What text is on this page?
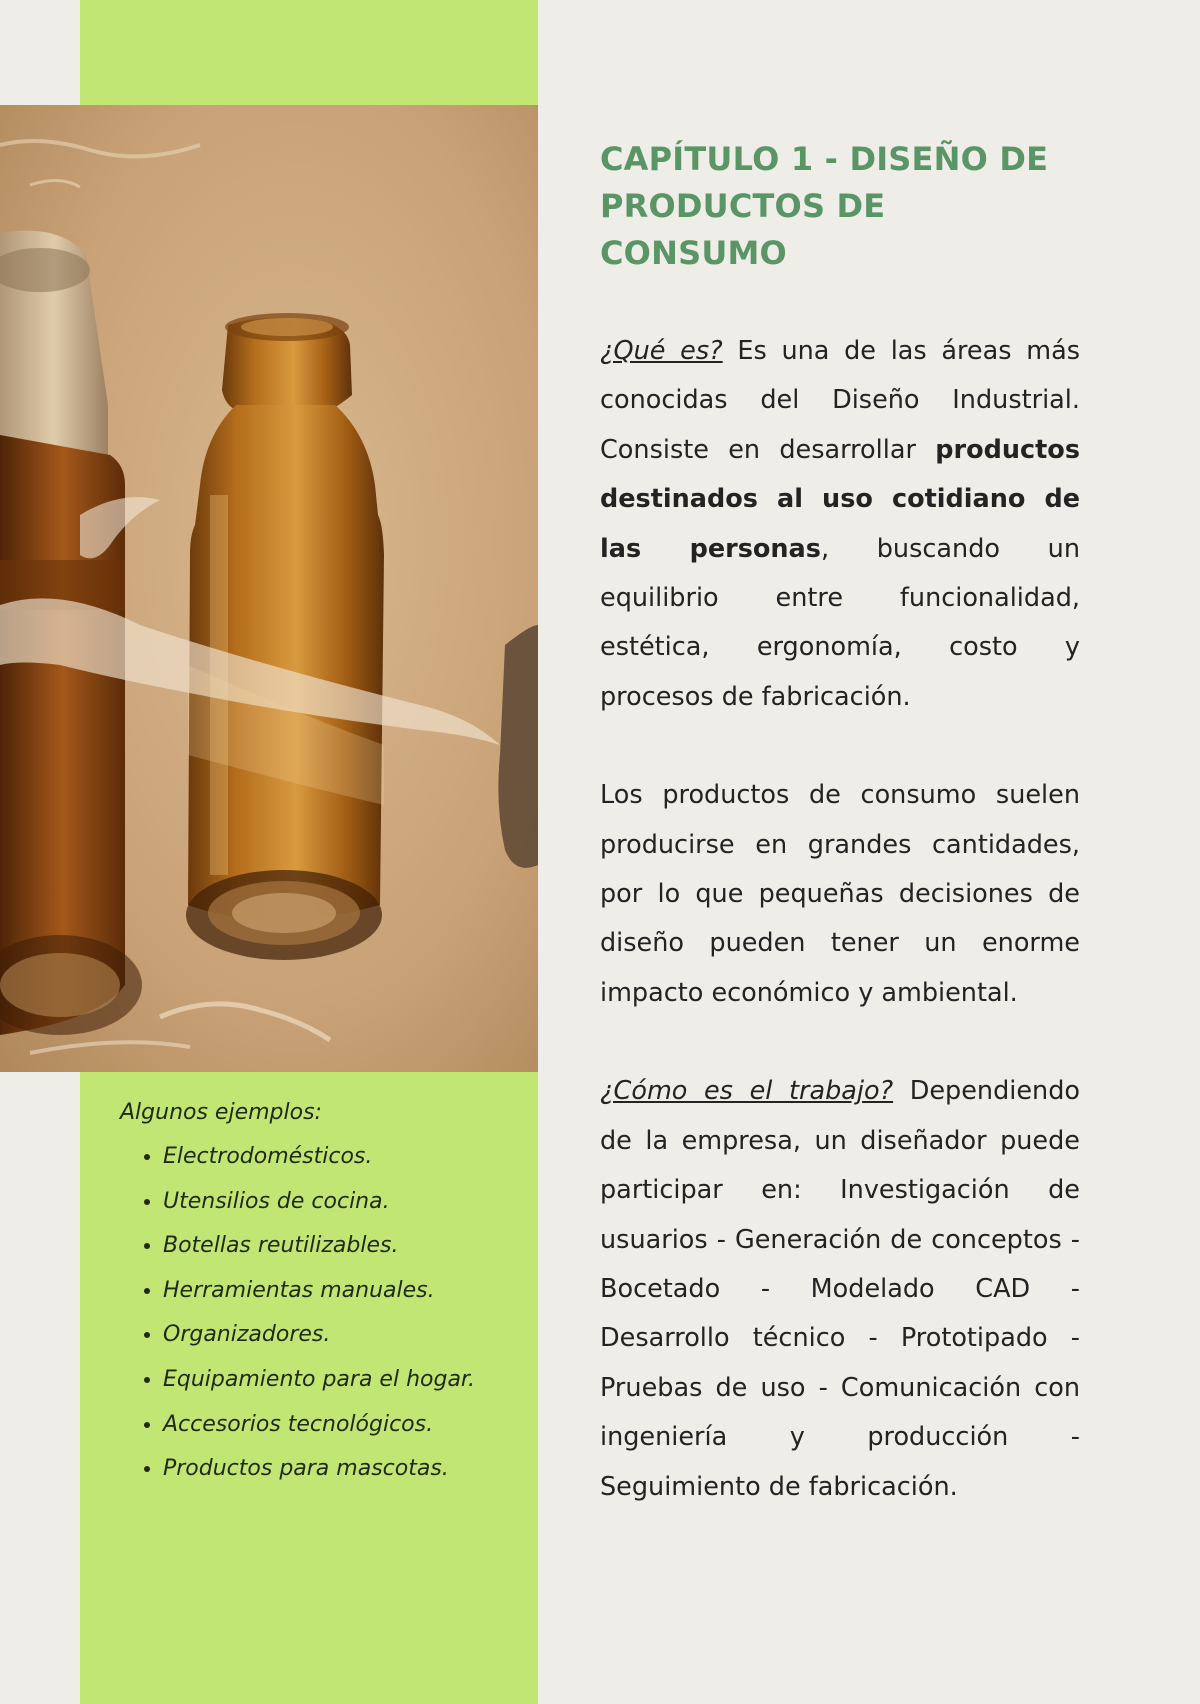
Algunos ejemplos:

• Electrodomésticos.
• Utensilios de cocina.
• Botellas reutilizables.
• Herramientas manuales.
• Organizadores.
• Equipamiento para el hogar.
• Accesorios tecnológicos.
• Productos para mascotas.
CAPÍTULO 1 - DISEÑO DE
PRODUCTOS DE CONSUMO

¿Qué es? Es una de las áreas más conocidas del Diseño Industrial. Consiste en desarrollar productos destinados al uso cotidiano de las personas, buscando un equilibrio entre funcionalidad, estética, ergonomía, costo y procesos de fabricación.

Los productos de consumo suelen producirse en grandes cantidades, por lo que pequeñas decisiones de diseño pueden tener un enorme impacto económico y ambiental.

¿Cómo es el trabajo? Dependiendo de la empresa, un diseñador puede participar en: Investigación de usuarios - Generación de conceptos - Bocetado - Modelado CAD - Desarrollo técnico - Prototipado - Pruebas de uso - Comunicación con ingeniería y producción - Seguimiento de fabricación.
